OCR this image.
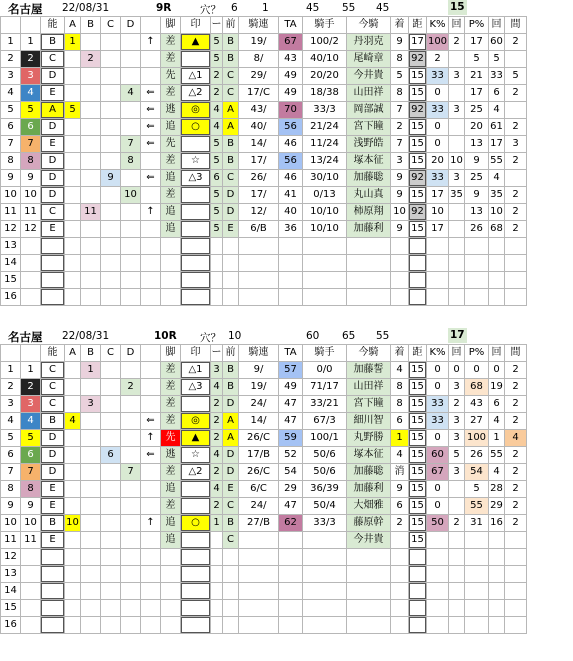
名古屋 22/08/31	9R	穴？ 6 1	45 55 45	15
		能	A	B	C	D		脚	印	ー	前	騎連	TA	騎手	今騎	着	距	K%	回	P%	回	間
1	1	B	1				↑	差	▲	5	B	19/	67	100/2	丹羽克	9	17	100	2	17	60	2
2	2	C		2				差		5	B	8/	43	40/10	尾崎章	8	92	2		5	5	
3	3	D						先	△1	2	C	29/	49	20/20	今井貴	5	15	33	3	21	33	5
4	4	E				4	⇐	差	△2	2	C	17/C	49	18/38	山田祥	8	15	0		17	6	2
5	5	A	5				⇐	逃	◎	4	A	43/	70	33/3	岡部誠	7	92	33	3	25	4	
6	6	D					⇐	追	○	4	A	40/	56	21/24	宮下瞳	2	15	0		20	61	2
7	7	E				7	⇐	先		5	B	14/	46	11/24	浅野皓	7	15	0		13	17	3
8	8	D				8		差	☆	5	B	17/	56	13/24	塚本征	3	15	20	10	9	55	2
9	9	D			9		⇐	追	△3	6	C	26/	46	30/10	加藤聡	9	92	33	3	25	4	
10	10	D				10		差		5	D	17/	41	0/13	丸山真	9	15	17	35	9	35	2
11	11	C		11			↑	追		5	D	12/	40	10/10	柿原翔	10	92	10		13	10	2
12	12	E						追		5	E	6/B	36	10/10	加藤利	9	15	17		26	68	2
13																						
14																						
15																						
16																						
名古屋 22/08/31	10R 穴？ 10	60 65 55	17
		能	A	B	C	D		脚	印	ー	前	騎連	TA	騎手	今騎	着	距	K%	回	P%	回	間
1	1	C		1				差	△1	3	B	9/	57	0/0	加藤誓	4	15	0	0	0	0	2
2	2	C				2		差	△3	4	B	19/	49	71/17	山田祥	8	15	0	3	68	19	2
3	3	C		3				差		2	D	24/	47	33/21	宮下瞳	8	15	33	2	43	6	2
4	4	B	4				⇐	差	◎	2	A	14/	47	67/3	細川智	6	15	33	3	27	4	2
5	5	D					↑	先	▲	2	A	26/C	59	100/1	丸野勝	1	15	0	3	100	1	4
6	6	D			6		⇐	逃	☆	4	D	17/B	52	50/6	塚本征	4	15	60	5	26	55	2
7	7	D				7		差	△2	2	D	26/C	54	50/6	加藤聡	消	15	67	3	54	4	2
8	8	E						追		4	E	6/C	29	36/39	加藤利	9	15	0		5	28	2
9	9	E						差		2	C	24/	47	50/4	大畑雅	6	15	0		55	29	2
10	10	B	10				↑	追	○	1	B	27/B	62	33/3	藤原幹	2	15	50	2	31	16	2
11	11	E						追			C				今井貴		15					
12																						
13																						
14																						
15																						
16																						
